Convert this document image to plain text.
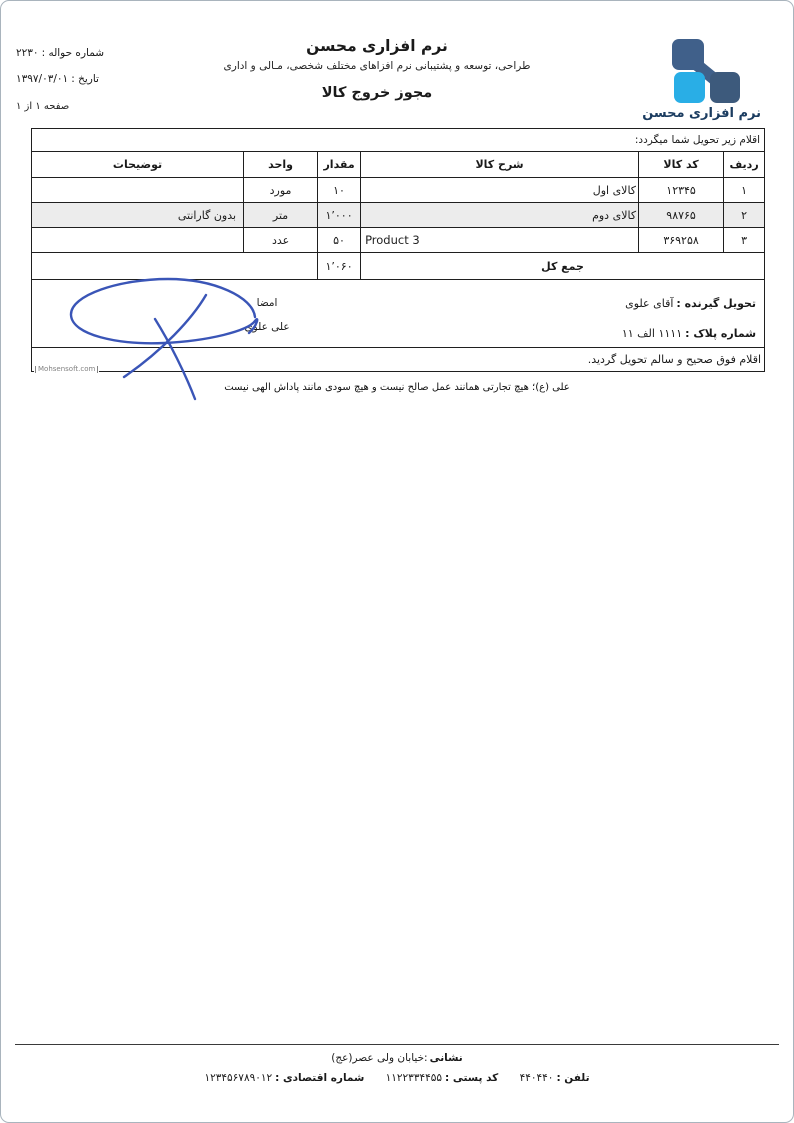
شماره حواله :۲۲۳۰
تاریخ :۱۳۹۷/۰۳/۰۱
صفحه ۱ از ۱
نرم افزاری محسن
طراحی، توسعه و پشتیبانی نرم افزاهای مختلف شخصی، مـالی و اداری
مجوز خروج کالا
نرم افزاری محسن
اقلام زیر تحویل شما میگردد:					
ردیف	کد کالا	شرح کالا	مقدار	واحد	توضیحات
۱	۱۲۳۴۵	کالای اول	۱۰	مورد	
۲	۹۸۷۶۵	کالای دوم	۱٬۰۰۰	متر	بدون گارانتی
۳	۳۶۹۲۵۸	Product 3	۵۰	عدد	
جمع کل			۱٬۰۶۰		

تحویل گیرنده :آقای علوی
شماره پلاک :۱۱۱۱ الف ۱۱
امضا
علی علوی					

اقلام فوق صحیح و سالم تحویل گردید.					
Mohsensoft.com
علی (ع)؛ هیچ تجارتی همانند عمل صالح نیست و هیچ سودی مانند پاداش الهی نیست
نشانی:خیابان ولی عصر(عج)
تلفن :۴۴۰۴۴۰ کد پستی :۱۱۲۲۳۳۴۴۵۵ شماره اقتصادی :۱۲۳۴۵۶۷۸۹۰۱۲
